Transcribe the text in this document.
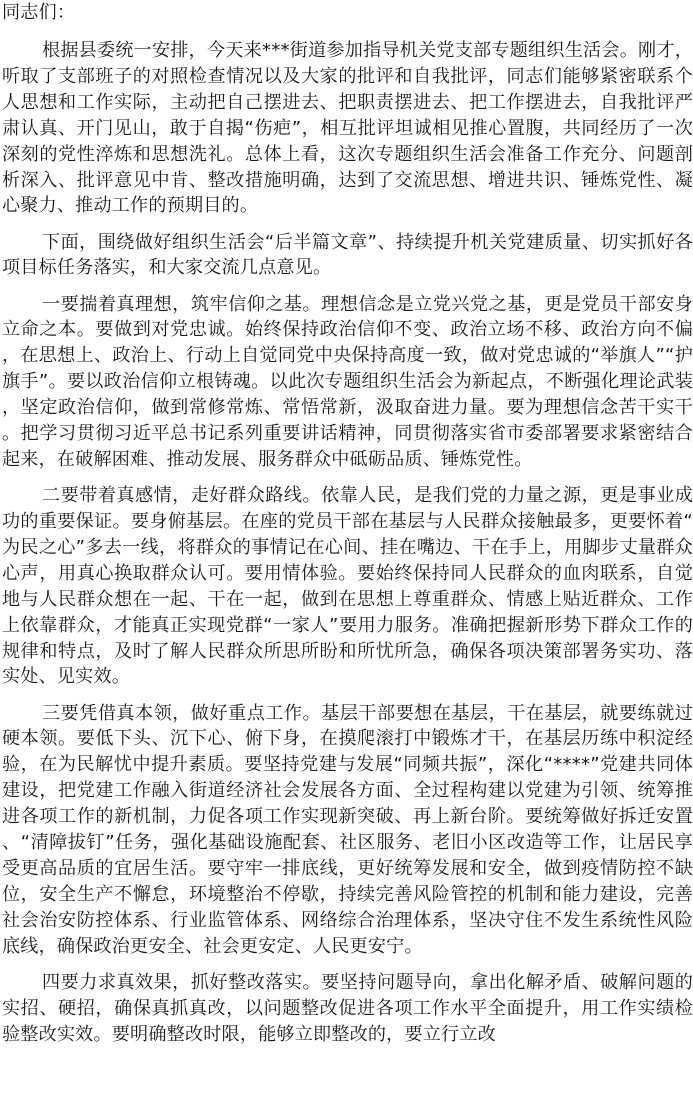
同志们：

根据县委统一安排，今天来***街道参加指导机关党支部专题组织生活会。刚才，听取了支部班子的对照检查情况以及大家的批评和自我批评，同志们能够紧密联系个人思想和工作实际，主动把自己摆进去、把职责摆进去、把工作摆进去，自我批评严肃认真、开门见山，敢于自揭“伤疤”，相互批评坦诚相见推心置腹，共同经历了一次深刻的党性淬炼和思想洗礼。总体上看，这次专题组织生活会准备工作充分、问题剖析深入、批评意见中肯、整改措施明确，达到了交流思想、增进共识、锤炼党性、凝心聚力、推动工作的预期目的。

下面，围绕做好组织生活会“后半篇文章”、持续提升机关党建质量、切实抓好各项目标任务落实，和大家交流几点意见。

一要揣着真理想，筑牢信仰之基。理想信念是立党兴党之基，更是党员干部安身立命之本。要做到对党忠诚。始终保持政治信仰不变、政治立场不移、政治方向不偏，在思想上、政治上、行动上自觉同党中央保持高度一致，做对党忠诚的“举旗人”“护旗手”。要以政治信仰立根铸魂。以此次专题组织生活会为新起点，不断强化理论武装，坚定政治信仰，做到常修常炼、常悟常新，汲取奋进力量。要为理想信念苦干实干。把学习贯彻习近平总书记系列重要讲话精神，同贯彻落实省市委部署要求紧密结合起来，在破解困难、推动发展、服务群众中砥砺品质、锤炼党性。

二要带着真感情，走好群众路线。依靠人民，是我们党的力量之源，更是事业成功的重要保证。要身俯基层。在座的党员干部在基层与人民群众接触最多，更要怀着“为民之心”多去一线，将群众的事情记在心间、挂在嘴边、干在手上，用脚步丈量群众心声，用真心换取群众认可。要用情体验。要始终保持同人民群众的血肉联系，自觉地与人民群众想在一起、干在一起，做到在思想上尊重群众、情感上贴近群众、工作上依靠群众，才能真正实现党群“一家人”要用力服务。准确把握新形势下群众工作的规律和特点，及时了解人民群众所思所盼和所忧所急，确保各项决策部署务实功、落实处、见实效。

三要凭借真本领，做好重点工作。基层干部要想在基层，干在基层，就要练就过硬本领。要低下头、沉下心、俯下身，在摸爬滚打中锻炼才干，在基层历练中积淀经验，在为民解忧中提升素质。要坚持党建与发展“同频共振”，深化“****”党建共同体建设，把党建工作融入街道经济社会发展各方面、全过程构建以党建为引领、统筹推进各项工作的新机制，力促各项工作实现新突破、再上新台阶。要统筹做好拆迁安置、“清障拔钉”任务，强化基础设施配套、社区服务、老旧小区改造等工作，让居民享受更高品质的宜居生活。要守牢一排底线，更好统筹发展和安全，做到疫情防控不缺位，安全生产不懈怠，环境整治不停歇，持续完善风险管控的机制和能力建设，完善社会治安防控体系、行业监管体系、网络综合治理体系，坚决守住不发生系统性风险底线，确保政治更安全、社会更安定、人民更安宁。

四要力求真效果，抓好整改落实。要坚持问题导向，拿出化解矛盾、破解问题的实招、硬招，确保真抓真改，以问题整改促进各项工作水平全面提升，用工作实绩检验整改实效。要明确整改时限，能够立即整改的，要立行立改
